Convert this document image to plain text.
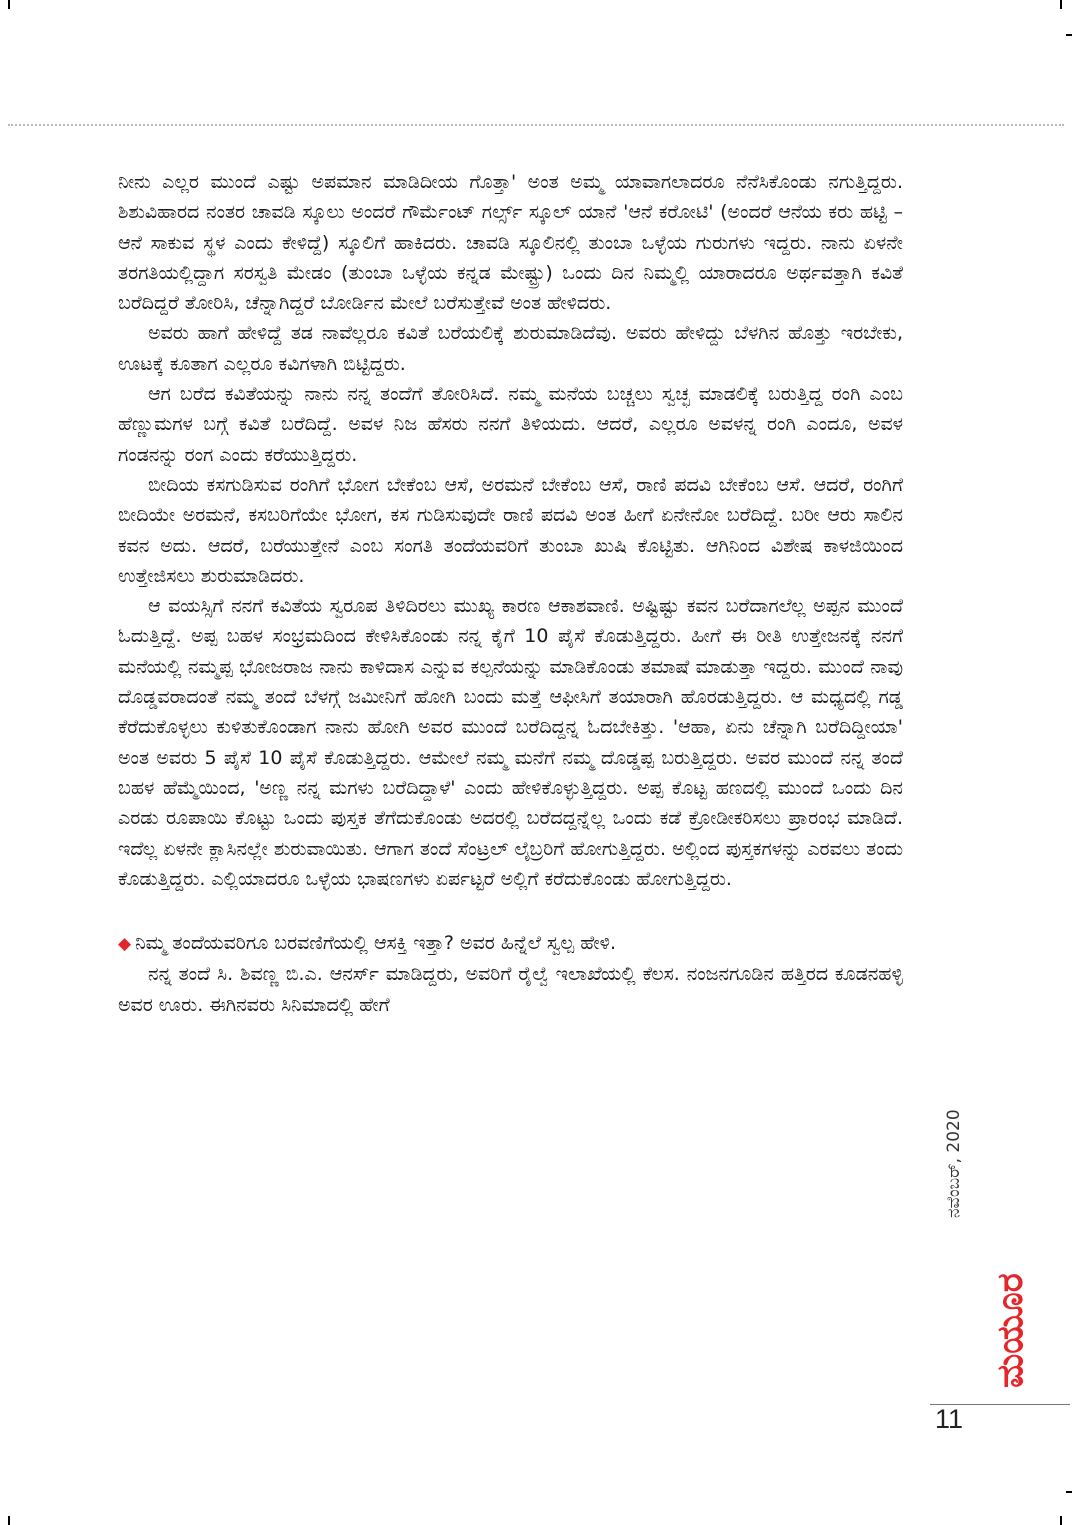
ನೀನು ಎಲ್ಲರ ಮುಂದೆ ಎಷ್ಟು ಅಪಮಾನ ಮಾಡಿದೀಯ ಗೊತ್ತಾ' ಅಂತ ಅಮ್ಮ ಯಾವಾಗಲಾದರೂ ನೆನೆಸಿಕೊಂಡು ನಗುತ್ತಿದ್ದರು. ಶಿಶುವಿಹಾರದ ನಂತರ ಚಾವಡಿ ಸ್ಕೂಲು ಅಂದರೆ ಗೌರ್ಮೆಂಟ್ ಗರ್ಲ್ಸ್ ಸ್ಕೂಲ್ ಯಾನೆ 'ಆನೆ ಕರೋಟಿ' (ಅಂದರೆ ಆನೆಯ ಕರು ಹಟ್ಟಿ – ಆನೆ ಸಾಕುವ ಸ್ಥಳ ಎಂದು ಕೇಳಿದ್ದೆ) ಸ್ಕೂಲಿಗೆ ಹಾಕಿದರು. ಚಾವಡಿ ಸ್ಕೂಲಿನಲ್ಲಿ ತುಂಬಾ ಒಳ್ಳೆಯ ಗುರುಗಳು ಇದ್ದರು. ನಾನು ಏಳನೇ ತರಗತಿಯಲ್ಲಿದ್ದಾಗ ಸರಸ್ವತಿ ಮೇಡಂ (ತುಂಬಾ ಒಳ್ಳೆಯ ಕನ್ನಡ ಮೇಷ್ಟ್ರು) ಒಂದು ದಿನ ನಿಮ್ಮಲ್ಲಿ ಯಾರಾದರೂ ಅರ್ಥವತ್ತಾಗಿ ಕವಿತೆ ಬರೆದಿದ್ದರೆ ತೋರಿಸಿ, ಚೆನ್ನಾಗಿದ್ದರೆ ಬೋರ್ಡಿನ ಮೇಲೆ ಬರೆಸುತ್ತೇವೆ ಅಂತ ಹೇಳಿದರು.

ಅವರು ಹಾಗೆ ಹೇಳಿದ್ದೆ ತಡ ನಾವೆಲ್ಲರೂ ಕವಿತೆ ಬರೆಯಲಿಕ್ಕೆ ಶುರುಮಾಡಿದೆವು. ಅವರು ಹೇಳಿದ್ದು ಬೆಳಗಿನ ಹೊತ್ತು ಇರಬೇಕು, ಊಟಕ್ಕೆ ಕೂತಾಗ ಎಲ್ಲರೂ ಕವಿಗಳಾಗಿ ಬಿಟ್ಟಿದ್ದರು.

ಆಗ ಬರೆದ ಕವಿತೆಯನ್ನು ನಾನು ನನ್ನ ತಂದೆಗೆ ತೋರಿಸಿದೆ. ನಮ್ಮ ಮನೆಯ ಬಚ್ಚಲು ಸ್ವಚ್ಛ ಮಾಡಲಿಕ್ಕೆ ಬರುತ್ತಿದ್ದ ರಂಗಿ ಎಂಬ ಹೆಣ್ಣುಮಗಳ ಬಗ್ಗೆ ಕವಿತೆ ಬರೆದಿದ್ದೆ. ಅವಳ ನಿಜ ಹೆಸರು ನನಗೆ ತಿಳಿಯದು. ಆದರೆ, ಎಲ್ಲರೂ ಅವಳನ್ನ ರಂಗಿ ಎಂದೂ, ಅವಳ ಗಂಡನನ್ನು ರಂಗ ಎಂದು ಕರೆಯುತ್ತಿದ್ದರು.

ಬೀದಿಯ ಕಸಗುಡಿಸುವ ರಂಗಿಗೆ ಭೋಗ ಬೇಕೆಂಬ ಆಸೆ, ಅರಮನೆ ಬೇಕೆಂಬ ಆಸೆ, ರಾಣಿ ಪದವಿ ಬೇಕೆಂಬ ಆಸೆ. ಆದರೆ, ರಂಗಿಗೆ ಬೀದಿಯೇ ಅರಮನೆ, ಕಸಬರಿಗೆಯೇ ಭೋಗ, ಕಸ ಗುಡಿಸುವುದೇ ರಾಣಿ ಪದವಿ ಅಂತ ಹೀಗೆ ಏನೇನೋ ಬರೆದಿದ್ದೆ. ಬರೀ ಆರು ಸಾಲಿನ ಕವನ ಅದು. ಆದರೆ, ಬರೆಯುತ್ತೇನೆ ಎಂಬ ಸಂಗತಿ ತಂದೆಯವರಿಗೆ ತುಂಬಾ ಖುಷಿ ಕೊಟ್ಟಿತು. ಆಗಿನಿಂದ ವಿಶೇಷ ಕಾಳಜಿಯಿಂದ ಉತ್ತೇಜಿಸಲು ಶುರುಮಾಡಿದರು.

ಆ ವಯಸ್ಸಿಗೆ ನನಗೆ ಕವಿತೆಯ ಸ್ವರೂಪ ತಿಳಿದಿರಲು ಮುಖ್ಯ ಕಾರಣ ಆಕಾಶವಾಣಿ. ಅಷ್ಟಿಷ್ಟು ಕವನ ಬರೆದಾಗಲೆಲ್ಲ ಅಪ್ಪನ ಮುಂದೆ ಓದುತ್ತಿದ್ದೆ. ಅಪ್ಪ ಬಹಳ ಸಂಭ್ರಮದಿಂದ ಕೇಳಿಸಿಕೊಂಡು ನನ್ನ ಕೈಗೆ 10 ಪೈಸೆ ಕೊಡುತ್ತಿದ್ದರು. ಹೀಗೆ ಈ ರೀತಿ ಉತ್ತೇಜನಕ್ಕೆ ನನಗೆ ಮನೆಯಲ್ಲಿ ನಮ್ಮಪ್ಪ ಭೋಜರಾಜ ನಾನು ಕಾಳಿದಾಸ ಎನ್ನುವ ಕಲ್ಪನೆಯನ್ನು ಮಾಡಿಕೊಂಡು ತಮಾಷೆ ಮಾಡುತ್ತಾ ಇದ್ದರು. ಮುಂದೆ ನಾವು ದೊಡ್ಡವರಾದಂತೆ ನಮ್ಮ ತಂದೆ ಬೆಳಗ್ಗೆ ಜಮೀನಿಗೆ ಹೋಗಿ ಬಂದು ಮತ್ತೆ ಆಫೀಸಿಗೆ ತಯಾರಾಗಿ ಹೊರಡುತ್ತಿದ್ದರು. ಆ ಮಧ್ಯದಲ್ಲಿ ಗಡ್ಡ ಕೆರೆದುಕೊಳ್ಳಲು ಕುಳಿತುಕೊಂಡಾಗ ನಾನು ಹೋಗಿ ಅವರ ಮುಂದೆ ಬರೆದಿದ್ದನ್ನ ಓದಬೇಕಿತ್ತು. 'ಆಹಾ, ಏನು ಚೆನ್ನಾಗಿ ಬರೆದಿದ್ದೀಯಾ' ಅಂತ ಅವರು 5 ಪೈಸೆ 10 ಪೈಸೆ ಕೊಡುತ್ತಿದ್ದರು. ಆಮೇಲೆ ನಮ್ಮ ಮನೆಗೆ ನಮ್ಮ ದೊಡ್ಡಪ್ಪ ಬರುತ್ತಿದ್ದರು. ಅವರ ಮುಂದೆ ನನ್ನ ತಂದೆ ಬಹಳ ಹೆಮ್ಮೆಯಿಂದ, 'ಅಣ್ಣ ನನ್ನ ಮಗಳು ಬರೆದಿದ್ದಾಳೆ' ಎಂದು ಹೇಳಿಕೊಳ್ಳುತ್ತಿದ್ದರು. ಅಪ್ಪ ಕೊಟ್ಟ ಹಣದಲ್ಲಿ ಮುಂದೆ ಒಂದು ದಿನ ಎರಡು ರೂಪಾಯಿ ಕೊಟ್ಟು ಒಂದು ಪುಸ್ತಕ ತೆಗೆದುಕೊಂಡು ಅದರಲ್ಲಿ ಬರೆದದ್ದನ್ನೆಲ್ಲ ಒಂದು ಕಡೆ ಕ್ರೋಡೀಕರಿಸಲು ಪ್ರಾರಂಭ ಮಾಡಿದೆ. ಇದೆಲ್ಲ ಏಳನೇ ಕ್ಲಾಸಿನಲ್ಲೇ ಶುರುವಾಯಿತು. ಆಗಾಗ ತಂದೆ ಸೆಂಟ್ರಲ್ ಲೈಬ್ರರಿಗೆ ಹೋಗುತ್ತಿದ್ದರು. ಅಲ್ಲಿಂದ ಪುಸ್ತಕಗಳನ್ನು ಎರವಲು ತಂದು ಕೊಡುತ್ತಿದ್ದರು. ಎಲ್ಲಿಯಾದರೂ ಒಳ್ಳೆಯ ಭಾಷಣಗಳು ಏರ್ಪಟ್ಟರೆ ಅಲ್ಲಿಗೆ ಕರೆದುಕೊಂಡು ಹೋಗುತ್ತಿದ್ದರು.

◆ ನಿಮ್ಮ ತಂದೆಯವರಿಗೂ ಬರವಣಿಗೆಯಲ್ಲಿ ಆಸಕ್ತಿ ಇತ್ತಾ? ಅವರ ಹಿನ್ನೆಲೆ ಸ್ವಲ್ಪ ಹೇಳಿ.

ನನ್ನ ತಂದೆ ಸಿ. ಶಿವಣ್ಣ ಬಿ.ಎ. ಆನರ್ಸ್ ಮಾಡಿದ್ದರು, ಅವರಿಗೆ ರೈಲ್ವೆ ಇಲಾಖೆಯಲ್ಲಿ ಕೆಲಸ. ನಂಜನಗೂಡಿನ ಹತ್ತಿರದ ಕೂಡನಹಳ್ಳಿ ಅವರ ಊರು. ಈಗಿನವರು ಸಿನಿಮಾದಲ್ಲಿ ಹೇಗೆ

ನವೆಂಬರ್, 2020
ಮಯೂರ
11
